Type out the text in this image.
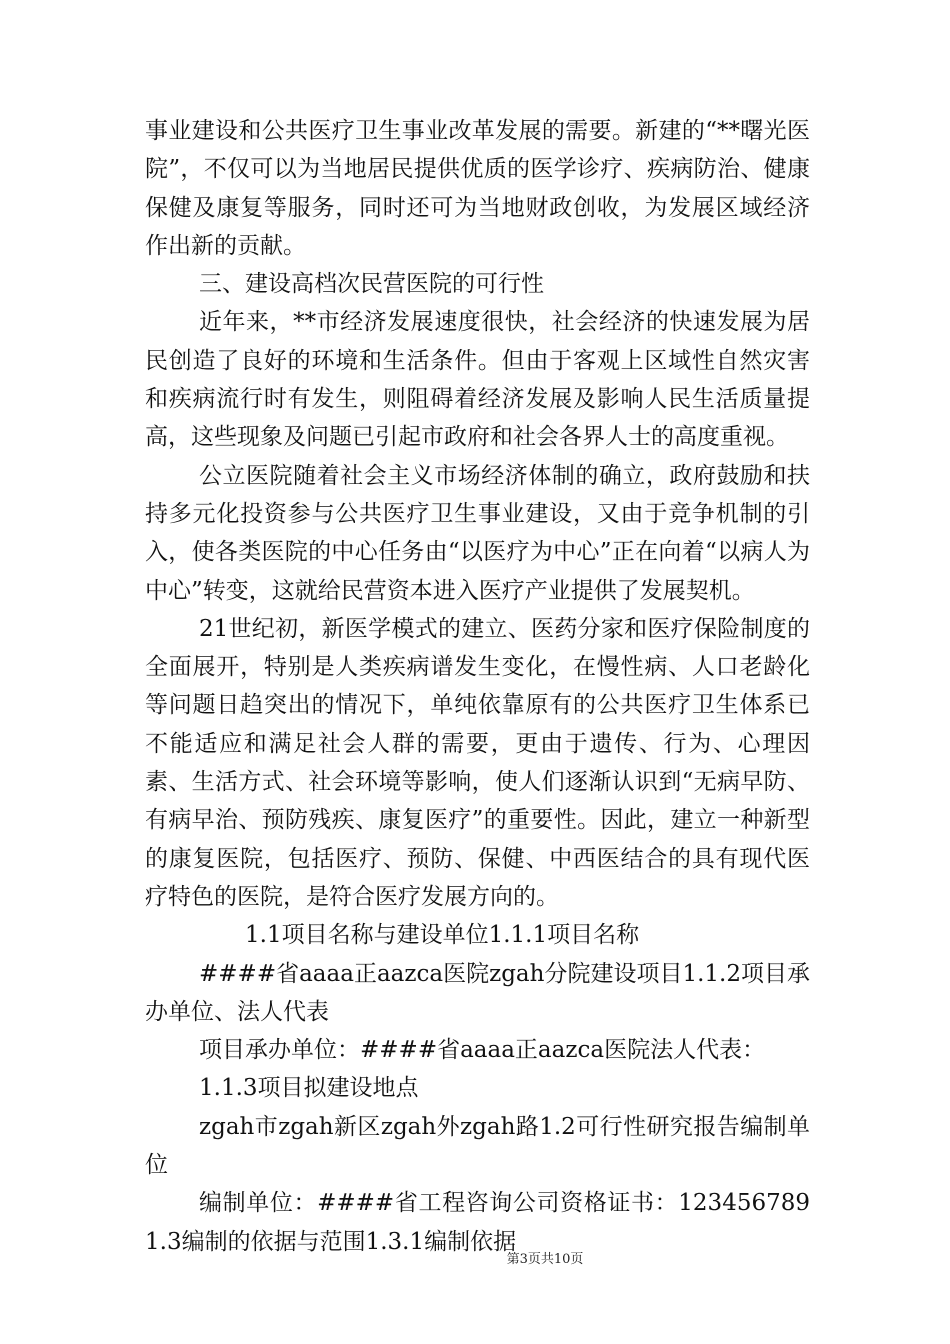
事业建设和公共医疗卫生事业改革发展的需要。新建的“**曙光医院”，不仅可以为当地居民提供优质的医学诊疗、疾病防治、健康保健及康复等服务，同时还可为当地财政创收，为发展区域经济作出新的贡献。

三、建设高档次民营医院的可行性

近年来，**市经济发展速度很快，社会经济的快速发展为居民创造了良好的环境和生活条件。但由于客观上区域性自然灾害和疾病流行时有发生，则阻碍着经济发展及影响人民生活质量提高，这些现象及问题已引起市政府和社会各界人士的高度重视。

公立医院随着社会主义市场经济体制的确立，政府鼓励和扶持多元化投资参与公共医疗卫生事业建设，又由于竞争机制的引入，使各类医院的中心任务由“以医疗为中心”正在向着“以病人为中心”转变，这就给民营资本进入医疗产业提供了发展契机。

21世纪初，新医学模式的建立、医药分家和医疗保险制度的全面展开，特别是人类疾病谱发生变化，在慢性病、人口老龄化等问题日趋突出的情况下，单纯依靠原有的公共医疗卫生体系已不能适应和满足社会人群的需要，更由于遗传、行为、心理因素、生活方式、社会环境等影响，使人们逐渐认识到“无病早防、有病早治、预防残疾、康复医疗”的重要性。因此，建立一种新型的康复医院，包括医疗、预防、保健、中西医结合的具有现代医疗特色的医院，是符合医疗发展方向的。

1.1项目名称与建设单位1.1.1项目名称

####省aaaa正aazca医院zgah分院建设项目1.1.2项目承办单位、法人代表

项目承办单位：####省aaaa正aazca医院法人代表：

1.1.3项目拟建设地点

zgah市zgah新区zgah外zgah路1.2可行性研究报告编制单位

编制单位：####省工程咨询公司资格证书：1234567891.3编制的依据与范围1.3.1编制依据

第3页共10页
